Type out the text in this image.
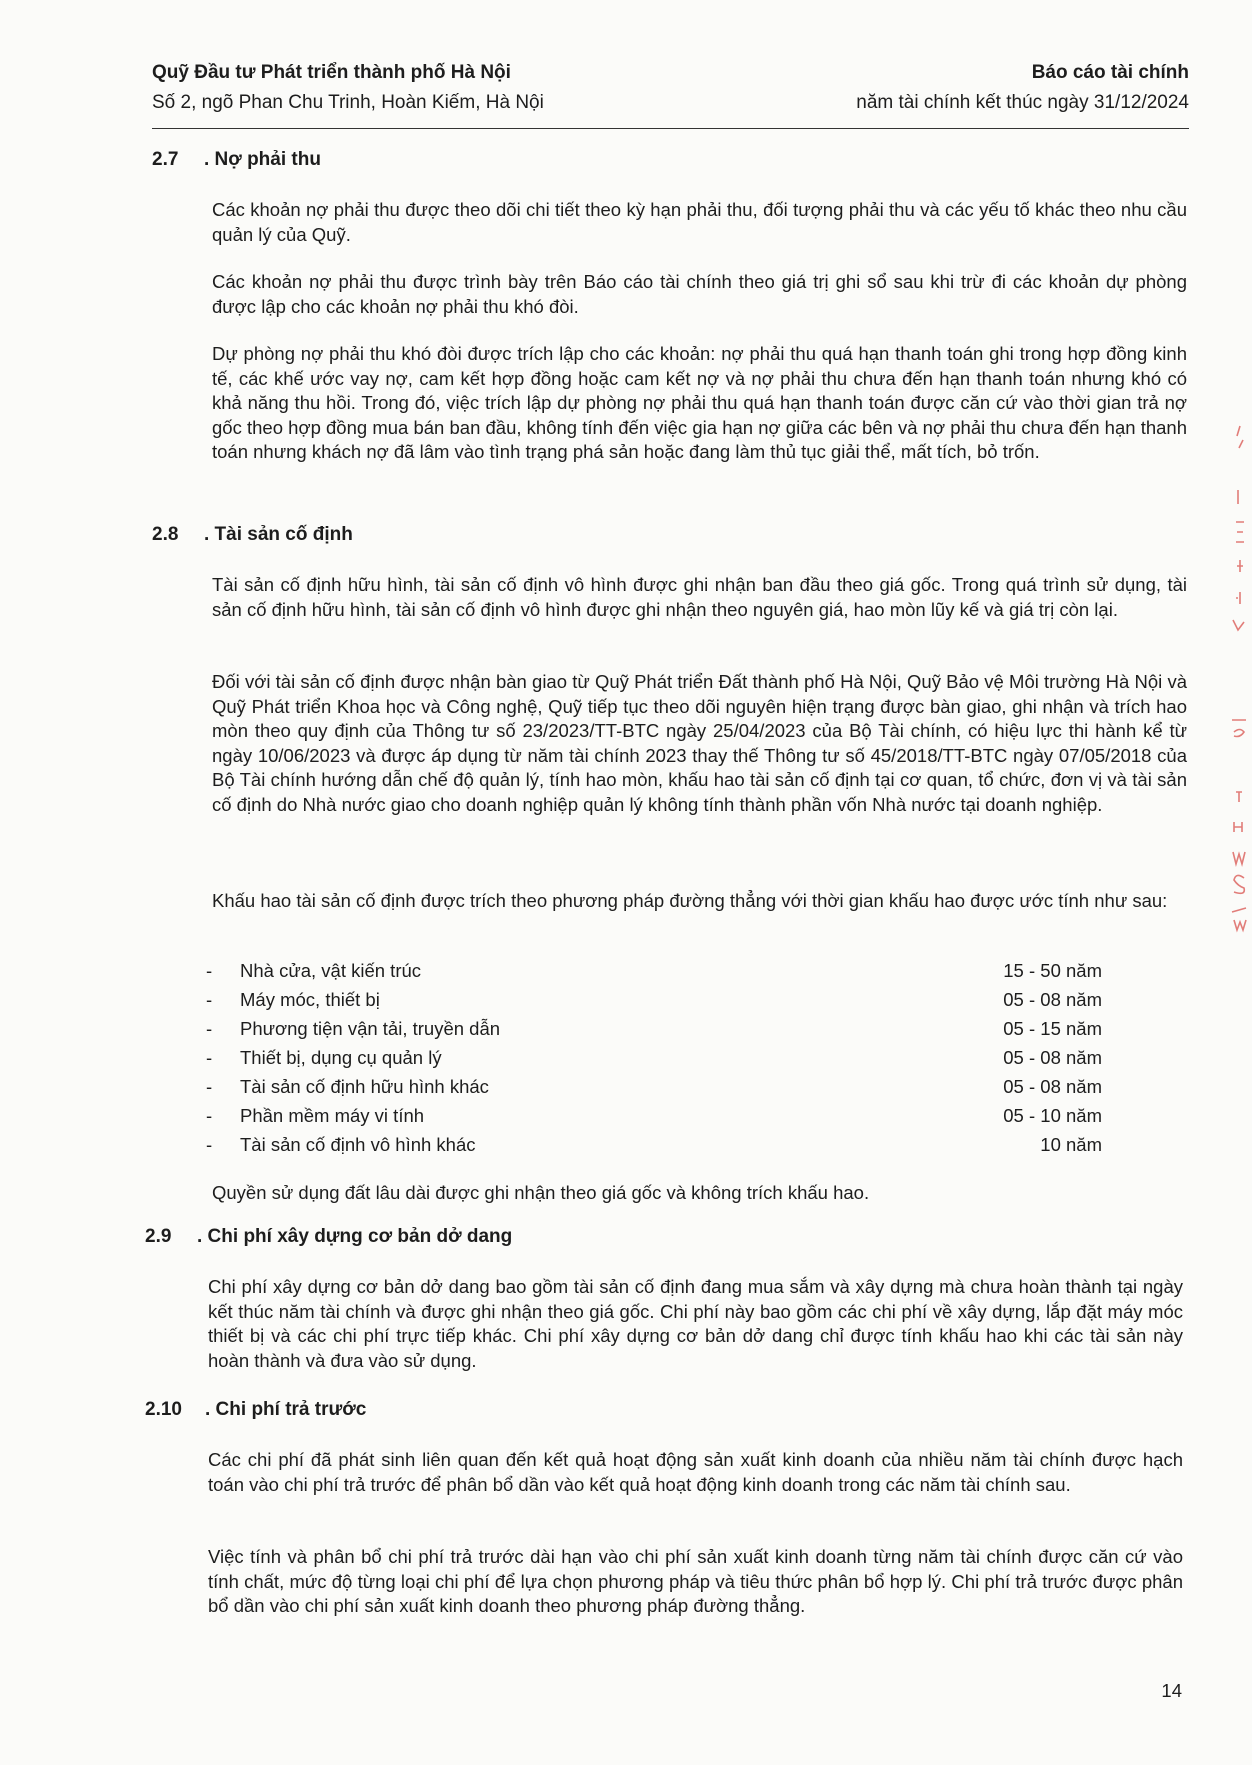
Quỹ Đầu tư Phát triển thành phố Hà Nội
Số 2, ngõ Phan Chu Trinh, Hoàn Kiếm, Hà Nội
Báo cáo tài chính
năm tài chính kết thúc ngày 31/12/2024
2.7 . Nợ phải thu

Các khoản nợ phải thu được theo dõi chi tiết theo kỳ hạn phải thu, đối tượng phải thu và các yếu tố khác theo nhu cầu quản lý của Quỹ.

Các khoản nợ phải thu được trình bày trên Báo cáo tài chính theo giá trị ghi sổ sau khi trừ đi các khoản dự phòng được lập cho các khoản nợ phải thu khó đòi.

Dự phòng nợ phải thu khó đòi được trích lập cho các khoản: nợ phải thu quá hạn thanh toán ghi trong hợp đồng kinh tế, các khế ước vay nợ, cam kết hợp đồng hoặc cam kết nợ và nợ phải thu chưa đến hạn thanh toán nhưng khó có khả năng thu hồi. Trong đó, việc trích lập dự phòng nợ phải thu quá hạn thanh toán được căn cứ vào thời gian trả nợ gốc theo hợp đồng mua bán ban đầu, không tính đến việc gia hạn nợ giữa các bên và nợ phải thu chưa đến hạn thanh toán nhưng khách nợ đã lâm vào tình trạng phá sản hoặc đang làm thủ tục giải thể, mất tích, bỏ trốn.

2.8 . Tài sản cố định

Tài sản cố định hữu hình, tài sản cố định vô hình được ghi nhận ban đầu theo giá gốc. Trong quá trình sử dụng, tài sản cố định hữu hình, tài sản cố định vô hình được ghi nhận theo nguyên giá, hao mòn lũy kế và giá trị còn lại.

Đối với tài sản cố định được nhận bàn giao từ Quỹ Phát triển Đất thành phố Hà Nội, Quỹ Bảo vệ Môi trường Hà Nội và Quỹ Phát triển Khoa học và Công nghệ, Quỹ tiếp tục theo dõi nguyên hiện trạng được bàn giao, ghi nhận và trích hao mòn theo quy định của Thông tư số 23/2023/TT-BTC ngày 25/04/2023 của Bộ Tài chính, có hiệu lực thi hành kể từ ngày 10/06/2023 và được áp dụng từ năm tài chính 2023 thay thế Thông tư số 45/2018/TT-BTC ngày 07/05/2018 của Bộ Tài chính hướng dẫn chế độ quản lý, tính hao mòn, khấu hao tài sản cố định tại cơ quan, tổ chức, đơn vị và tài sản cố định do Nhà nước giao cho doanh nghiệp quản lý không tính thành phần vốn Nhà nước tại doanh nghiệp.

Khấu hao tài sản cố định được trích theo phương pháp đường thẳng với thời gian khấu hao được ước tính như sau:

- Nhà cửa, vật kiến trúc	15 - 50 năm
- Máy móc, thiết bị	05 - 08 năm
- Phương tiện vận tải, truyền dẫn	05 - 15 năm
- Thiết bị, dụng cụ quản lý	05 - 08 năm
- Tài sản cố định hữu hình khác	05 - 08 năm
- Phần mềm máy vi tính	05 - 10 năm
- Tài sản cố định vô hình khác	10 năm

Quyền sử dụng đất lâu dài được ghi nhận theo giá gốc và không trích khấu hao.

2.9 . Chi phí xây dựng cơ bản dở dang

Chi phí xây dựng cơ bản dở dang bao gồm tài sản cố định đang mua sắm và xây dựng mà chưa hoàn thành tại ngày kết thúc năm tài chính và được ghi nhận theo giá gốc. Chi phí này bao gồm các chi phí về xây dựng, lắp đặt máy móc thiết bị và các chi phí trực tiếp khác. Chi phí xây dựng cơ bản dở dang chỉ được tính khấu hao khi các tài sản này hoàn thành và đưa vào sử dụng.

2.10 . Chi phí trả trước

Các chi phí đã phát sinh liên quan đến kết quả hoạt động sản xuất kinh doanh của nhiều năm tài chính được hạch toán vào chi phí trả trước để phân bổ dần vào kết quả hoạt động kinh doanh trong các năm tài chính sau.

Việc tính và phân bổ chi phí trả trước dài hạn vào chi phí sản xuất kinh doanh từng năm tài chính được căn cứ vào tính chất, mức độ từng loại chi phí để lựa chọn phương pháp và tiêu thức phân bổ hợp lý. Chi phí trả trước được phân bổ dần vào chi phí sản xuất kinh doanh theo phương pháp đường thẳng.

14
